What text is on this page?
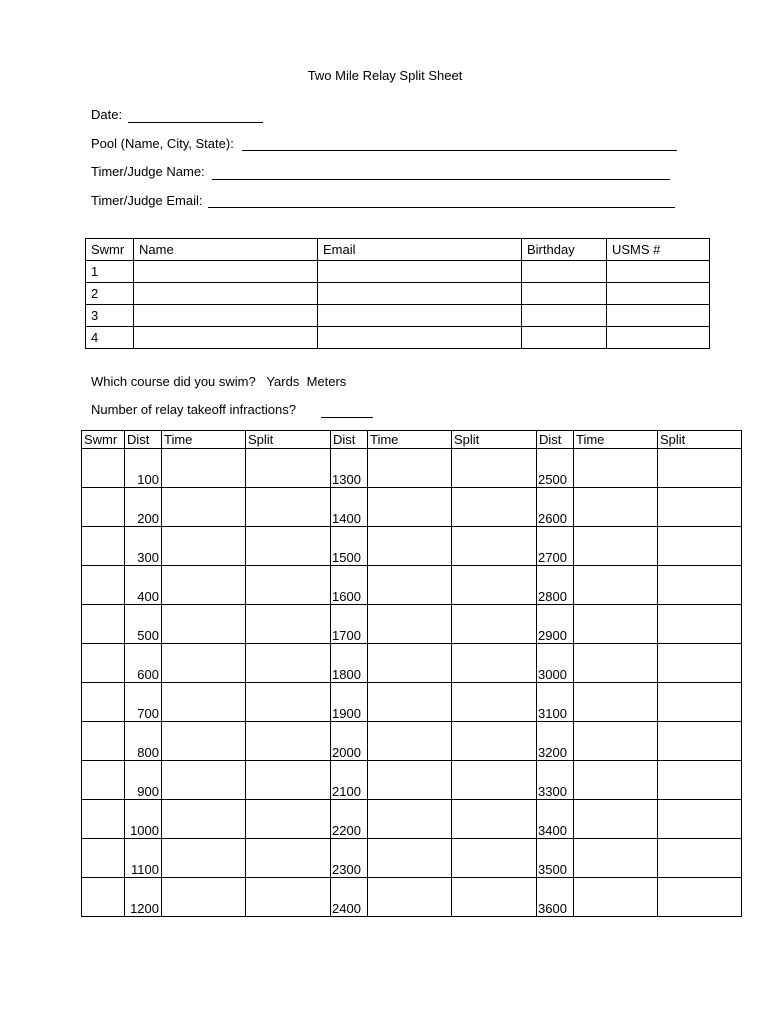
Two Mile Relay Split Sheet
Date:
Pool (Name, City, State):
Timer/Judge Name:
Timer/Judge Email:
Swmr	Name	Email	Birthday	USMS #
1				
2				
3				
4				
Which course did you swim? Yards Meters
Number of relay takeoff infractions?
Swmr	Dist	Time	Split	Dist	Time	Split	Dist	Time	Split
	100			1300			2500		
	200			1400			2600		
	300			1500			2700		
	400			1600			2800		
	500			1700			2900		
	600			1800			3000		
	700			1900			3100		
	800			2000			3200		
	900			2100			3300		
	1000			2200			3400		
	1100			2300			3500		
	1200			2400			3600		
